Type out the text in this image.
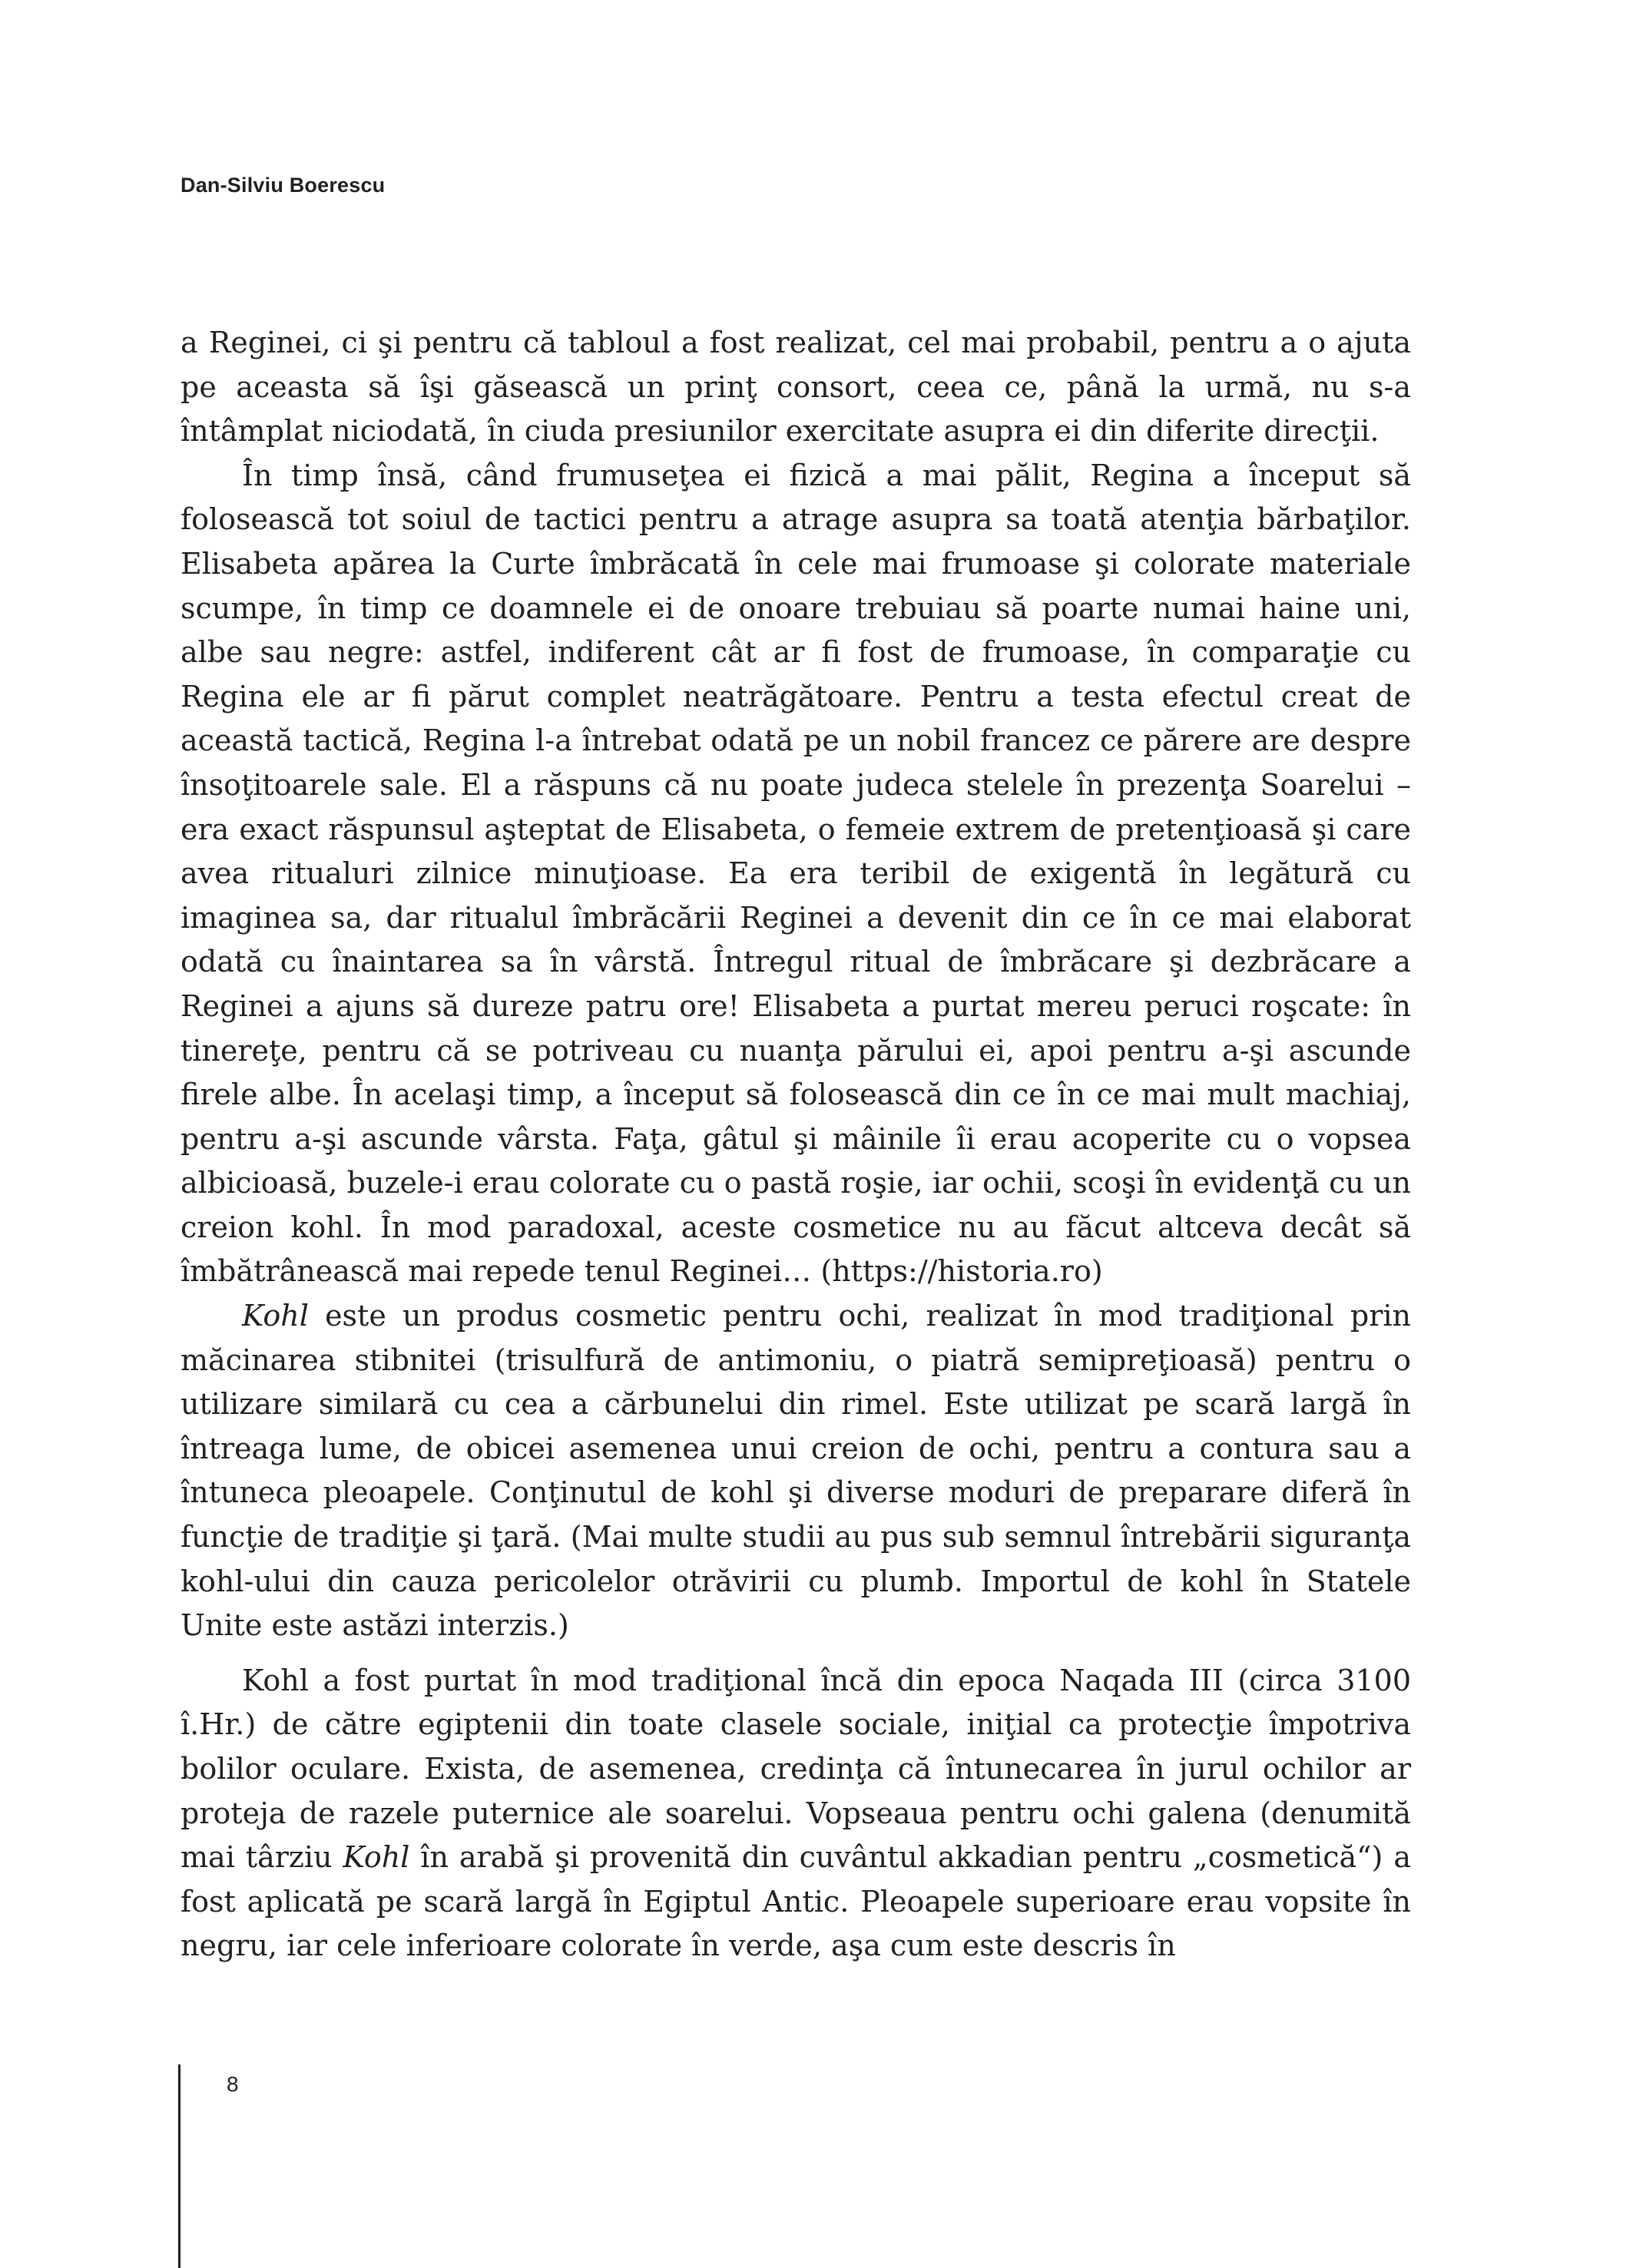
Dan-Silviu Boerescu

a Reginei, ci şi pentru că tabloul a fost realizat, cel mai probabil, pentru a o ajuta pe aceasta să îşi găsească un prinţ consort, ceea ce, până la urmă, nu s-a întâmplat niciodată, în ciuda presiunilor exercitate asupra ei din diferite direcţii.

În timp însă, când frumuseţea ei fizică a mai pălit, Regina a început să folosească tot soiul de tactici pentru a atrage asupra sa toată atenţia bărbaţilor. Elisabeta apărea la Curte îmbrăcată în cele mai frumoase şi colorate materiale scumpe, în timp ce doamnele ei de onoare trebuiau să poarte numai haine uni, albe sau negre: astfel, indiferent cât ar fi fost de frumoase, în comparaţie cu Regina ele ar fi părut complet neatrăgătoare. Pentru a testa efectul creat de această tactică, Regina l-a întrebat odată pe un nobil francez ce părere are despre însoţitoarele sale. El a răspuns că nu poate judeca stelele în prezenţa Soarelui – era exact răspunsul aşteptat de Elisabeta, o femeie extrem de pretenţioasă şi care avea ritualuri zilnice minuţioase. Ea era teribil de exigentă în legătură cu imaginea sa, dar ritualul îmbrăcării Reginei a devenit din ce în ce mai elaborat odată cu înaintarea sa în vârstă. Întregul ritual de îmbrăcare şi dezbrăcare a Reginei a ajuns să dureze patru ore! Elisabeta a purtat mereu peruci roşcate: în tinereţe, pentru că se potriveau cu nuanţa părului ei, apoi pentru a-şi ascunde firele albe. În acelaşi timp, a început să folosească din ce în ce mai mult machiaj, pentru a-şi ascunde vârsta. Faţa, gâtul şi mâinile îi erau acoperite cu o vopsea albicioasă, buzele-i erau colorate cu o pastă roşie, iar ochii, scoşi în evidenţă cu un creion kohl. În mod paradoxal, aceste cosmetice nu au făcut altceva decât să îmbătrânească mai repede tenul Reginei… (https://historia.ro)

Kohl este un produs cosmetic pentru ochi, realizat în mod tradiţional prin măcinarea stibnitei (trisulfură de antimoniu, o piatră semipreţioasă) pentru o utilizare similară cu cea a cărbunelui din rimel. Este utilizat pe scară largă în întreaga lume, de obicei asemenea unui creion de ochi, pentru a contura sau a întuneca pleoapele. Conţinutul de kohl şi diverse moduri de preparare diferă în funcţie de tradiţie şi ţară. (Mai multe studii au pus sub semnul întrebării siguranţa kohl-ului din cauza pericolelor otrăvirii cu plumb. Importul de kohl în Statele Unite este astăzi interzis.)

Kohl a fost purtat în mod tradiţional încă din epoca Naqada III (circa 3100 î.Hr.) de către egiptenii din toate clasele sociale, iniţial ca protecţie împotriva bolilor oculare. Exista, de asemenea, credinţa că întunecarea în jurul ochilor ar proteja de razele puternice ale soarelui. Vopseaua pentru ochi galena (denumită mai târziu Kohl în arabă şi provenită din cuvântul akkadian pentru „cosmetică“) a fost aplicată pe scară largă în Egiptul Antic. Pleoapele superioare erau vopsite în negru, iar cele inferioare colorate în verde, aşa cum este descris în

8
